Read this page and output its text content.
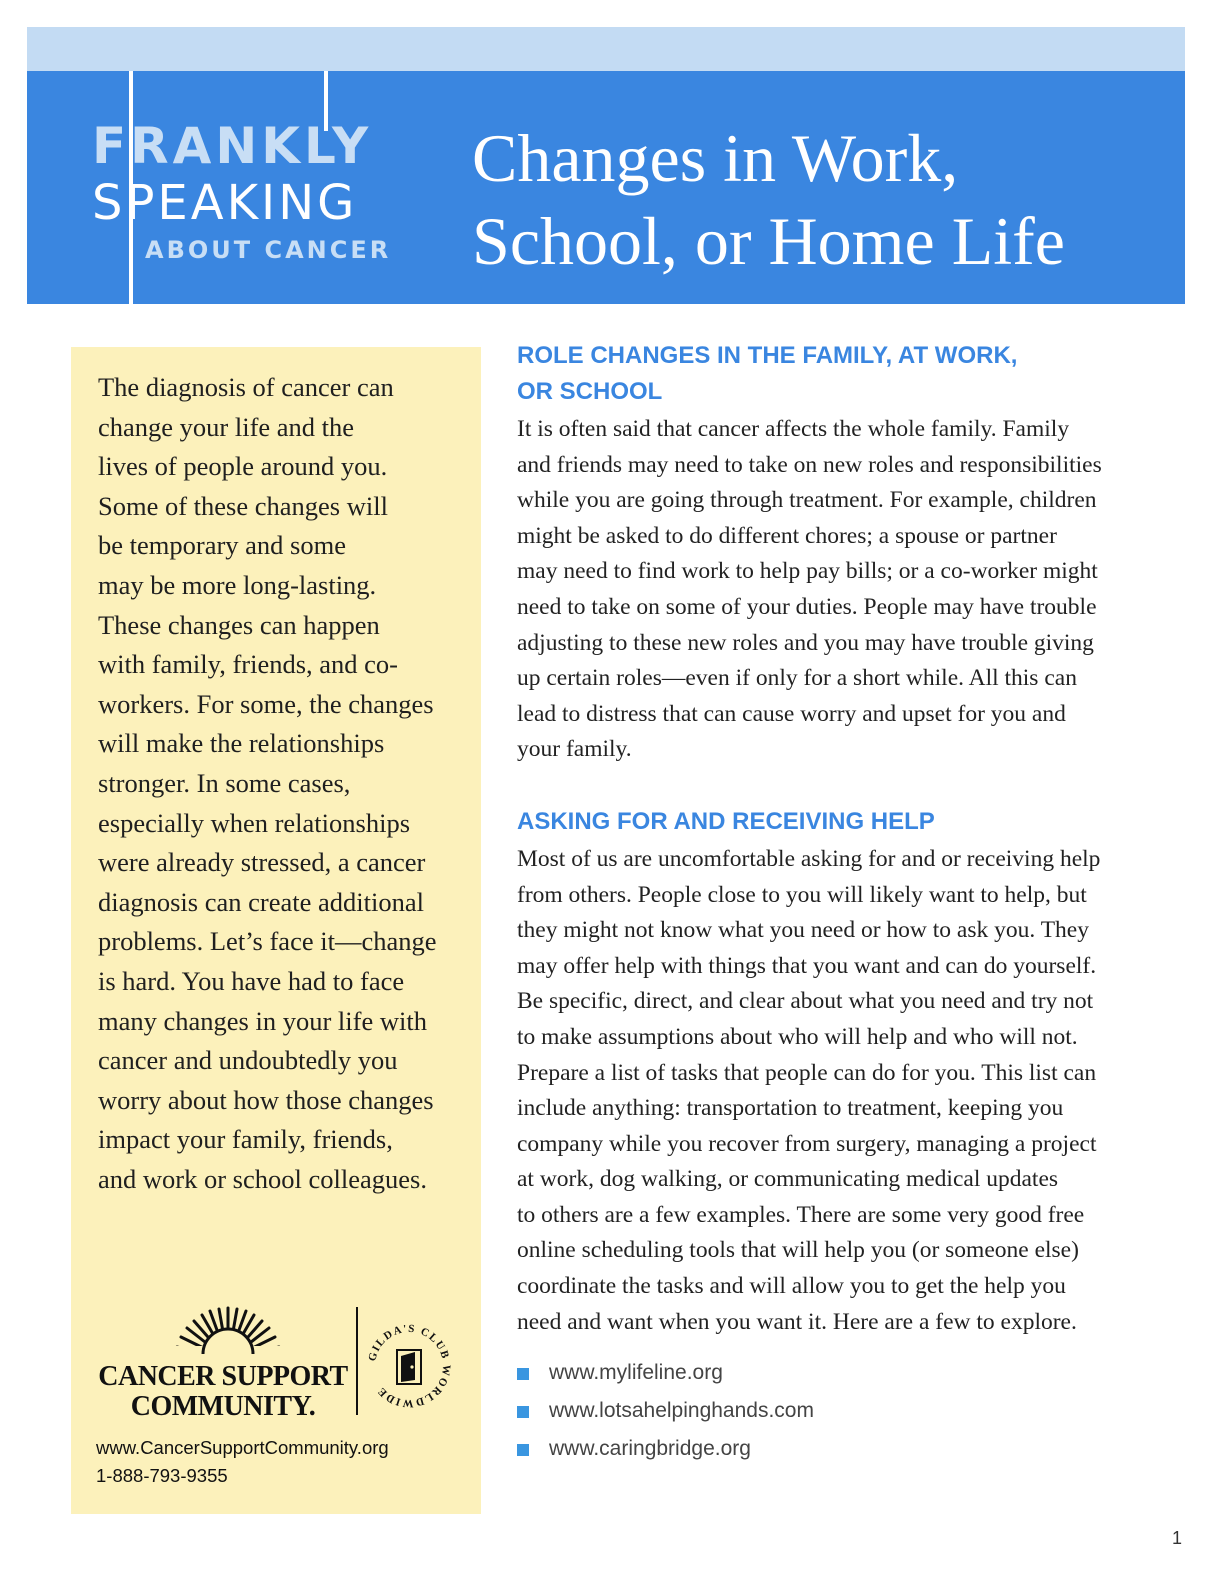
FRANKLY
SPEAKING
ABOUT CANCER
Changes in Work,
School, or Home Life
The diagnosis of cancer can
change your life and the
lives of people around you.
Some of these changes will
be temporary and some
may be more long-lasting.
These changes can happen
with family, friends, and co-
workers. For some, the changes
will make the relationships
stronger. In some cases,
especially when relationships
were already stressed, a cancer
diagnosis can create additional
problems. Let’s face it—change
is hard. You have had to face
many changes in your life with
cancer and undoubtedly you
worry about how those changes
impact your family, friends,
and work or school colleagues.
CANCER SUPPORT
COMMUNITY.
GILDA'S CLUB WORLDWIDE
www.CancerSupportCommunity.org
1-888-793-9355
ROLE CHANGES IN THE FAMILY, AT WORK,
OR SCHOOL
It is often said that cancer affects the whole family. Family
and friends may need to take on new roles and responsibilities
while you are going through treatment. For example, children
might be asked to do different chores; a spouse or partner
may need to find work to help pay bills; or a co-worker might
need to take on some of your duties. People may have trouble
adjusting to these new roles and you may have trouble giving
up certain roles—even if only for a short while. All this can
lead to distress that can cause worry and upset for you and
your family.
ASKING FOR AND RECEIVING HELP
Most of us are uncomfortable asking for and or receiving help
from others. People close to you will likely want to help, but
they might not know what you need or how to ask you. They
may offer help with things that you want and can do yourself.
Be specific, direct, and clear about what you need and try not
to make assumptions about who will help and who will not.
Prepare a list of tasks that people can do for you. This list can
include anything: transportation to treatment, keeping you
company while you recover from surgery, managing a project
at work, dog walking, or communicating medical updates
to others are a few examples. There are some very good free
online scheduling tools that will help you (or someone else)
coordinate the tasks and will allow you to get the help you
need and want when you want it. Here are a few to explore.
www.mylifeline.org
www.lotsahelpinghands.com
www.caringbridge.org
1
